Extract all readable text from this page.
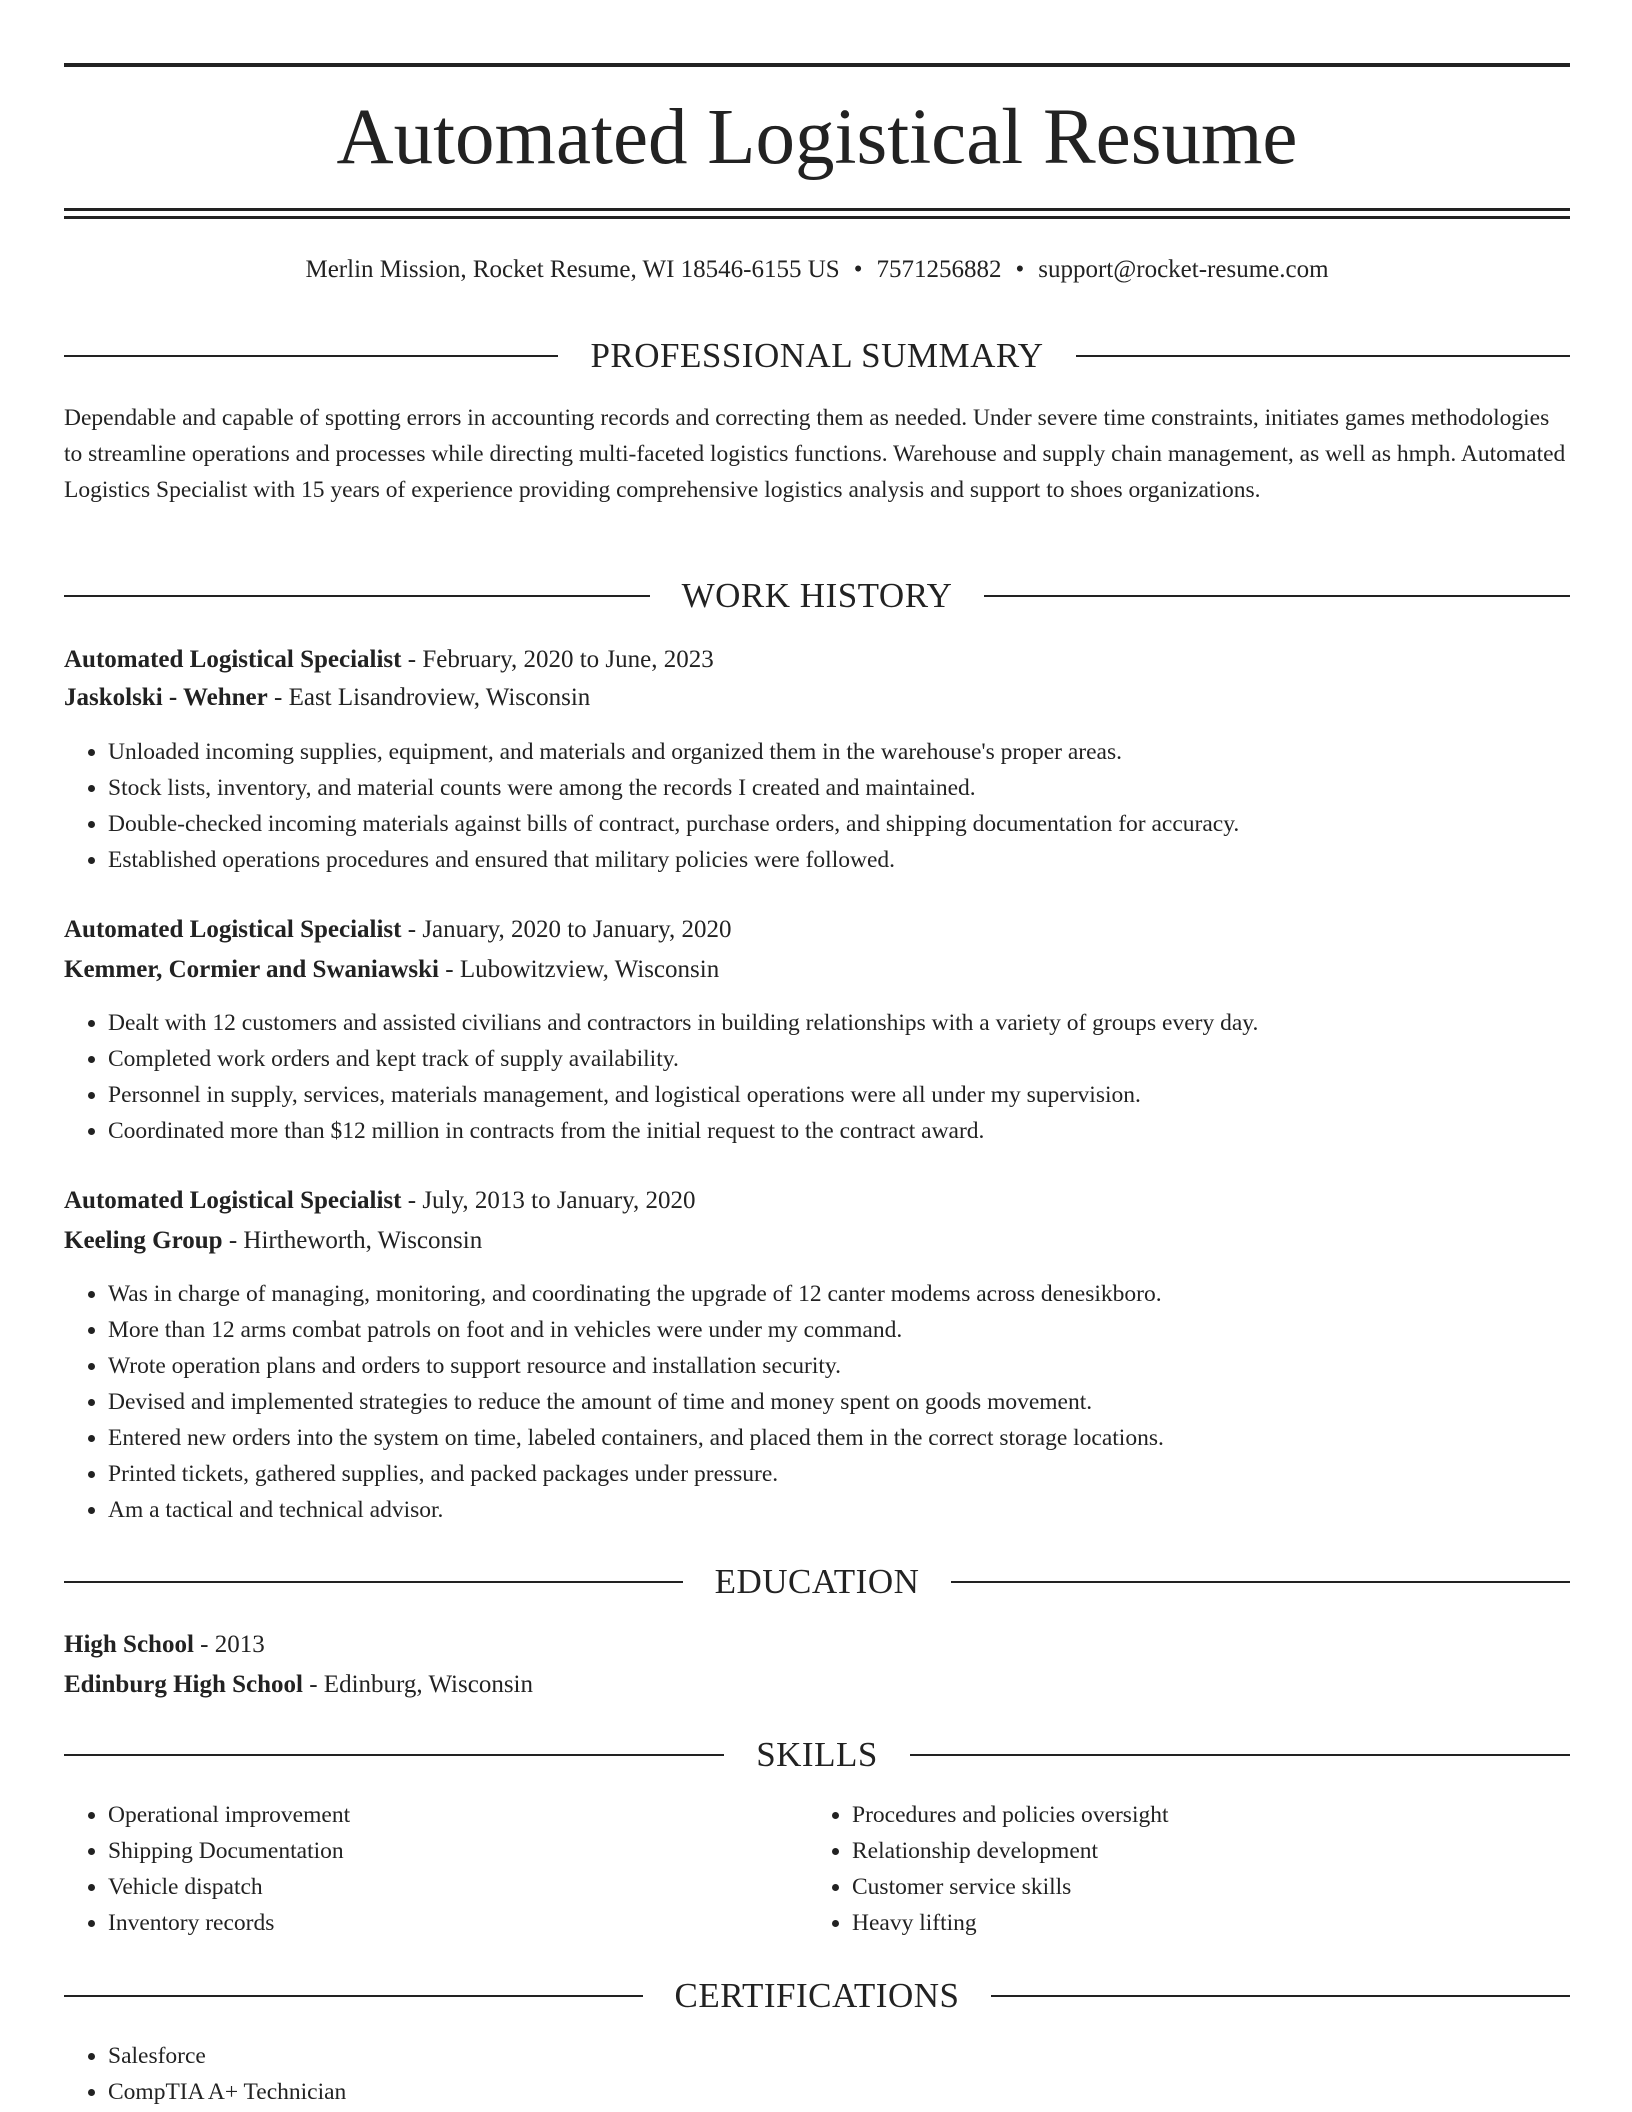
Automated Logistical Resume
Merlin Mission, Rocket Resume, WI 18546-6155 US • 7571256882 • support@rocket-resume.com
PROFESSIONAL SUMMARY
Dependable and capable of spotting errors in accounting records and correcting them as needed. Under severe time constraints, initiates games methodologies to streamline operations and processes while directing multi-faceted logistics functions. Warehouse and supply chain management, as well as hmph. Automated Logistics Specialist with 15 years of experience providing comprehensive logistics analysis and support to shoes organizations.
WORK HISTORY
Automated Logistical Specialist - February, 2020 to June, 2023
Jaskolski - Wehner - East Lisandroview, Wisconsin
• Unloaded incoming supplies, equipment, and materials and organized them in the warehouse's proper areas.
• Stock lists, inventory, and material counts were among the records I created and maintained.
• Double-checked incoming materials against bills of contract, purchase orders, and shipping documentation for accuracy.
• Established operations procedures and ensured that military policies were followed.
Automated Logistical Specialist - January, 2020 to January, 2020
Kemmer, Cormier and Swaniawski - Lubowitzview, Wisconsin
• Dealt with 12 customers and assisted civilians and contractors in building relationships with a variety of groups every day.
• Completed work orders and kept track of supply availability.
• Personnel in supply, services, materials management, and logistical operations were all under my supervision.
• Coordinated more than $12 million in contracts from the initial request to the contract award.
Automated Logistical Specialist - July, 2013 to January, 2020
Keeling Group - Hirtheworth, Wisconsin
• Was in charge of managing, monitoring, and coordinating the upgrade of 12 canter modems across denesikboro.
• More than 12 arms combat patrols on foot and in vehicles were under my command.
• Wrote operation plans and orders to support resource and installation security.
• Devised and implemented strategies to reduce the amount of time and money spent on goods movement.
• Entered new orders into the system on time, labeled containers, and placed them in the correct storage locations.
• Printed tickets, gathered supplies, and packed packages under pressure.
• Am a tactical and technical advisor.
EDUCATION
High School - 2013
Edinburg High School - Edinburg, Wisconsin
SKILLS
• Operational improvement
• Shipping Documentation
• Vehicle dispatch
• Inventory records
• Procedures and policies oversight
• Relationship development
• Customer service skills
• Heavy lifting
CERTIFICATIONS
• Salesforce
• CompTIA A+ Technician
